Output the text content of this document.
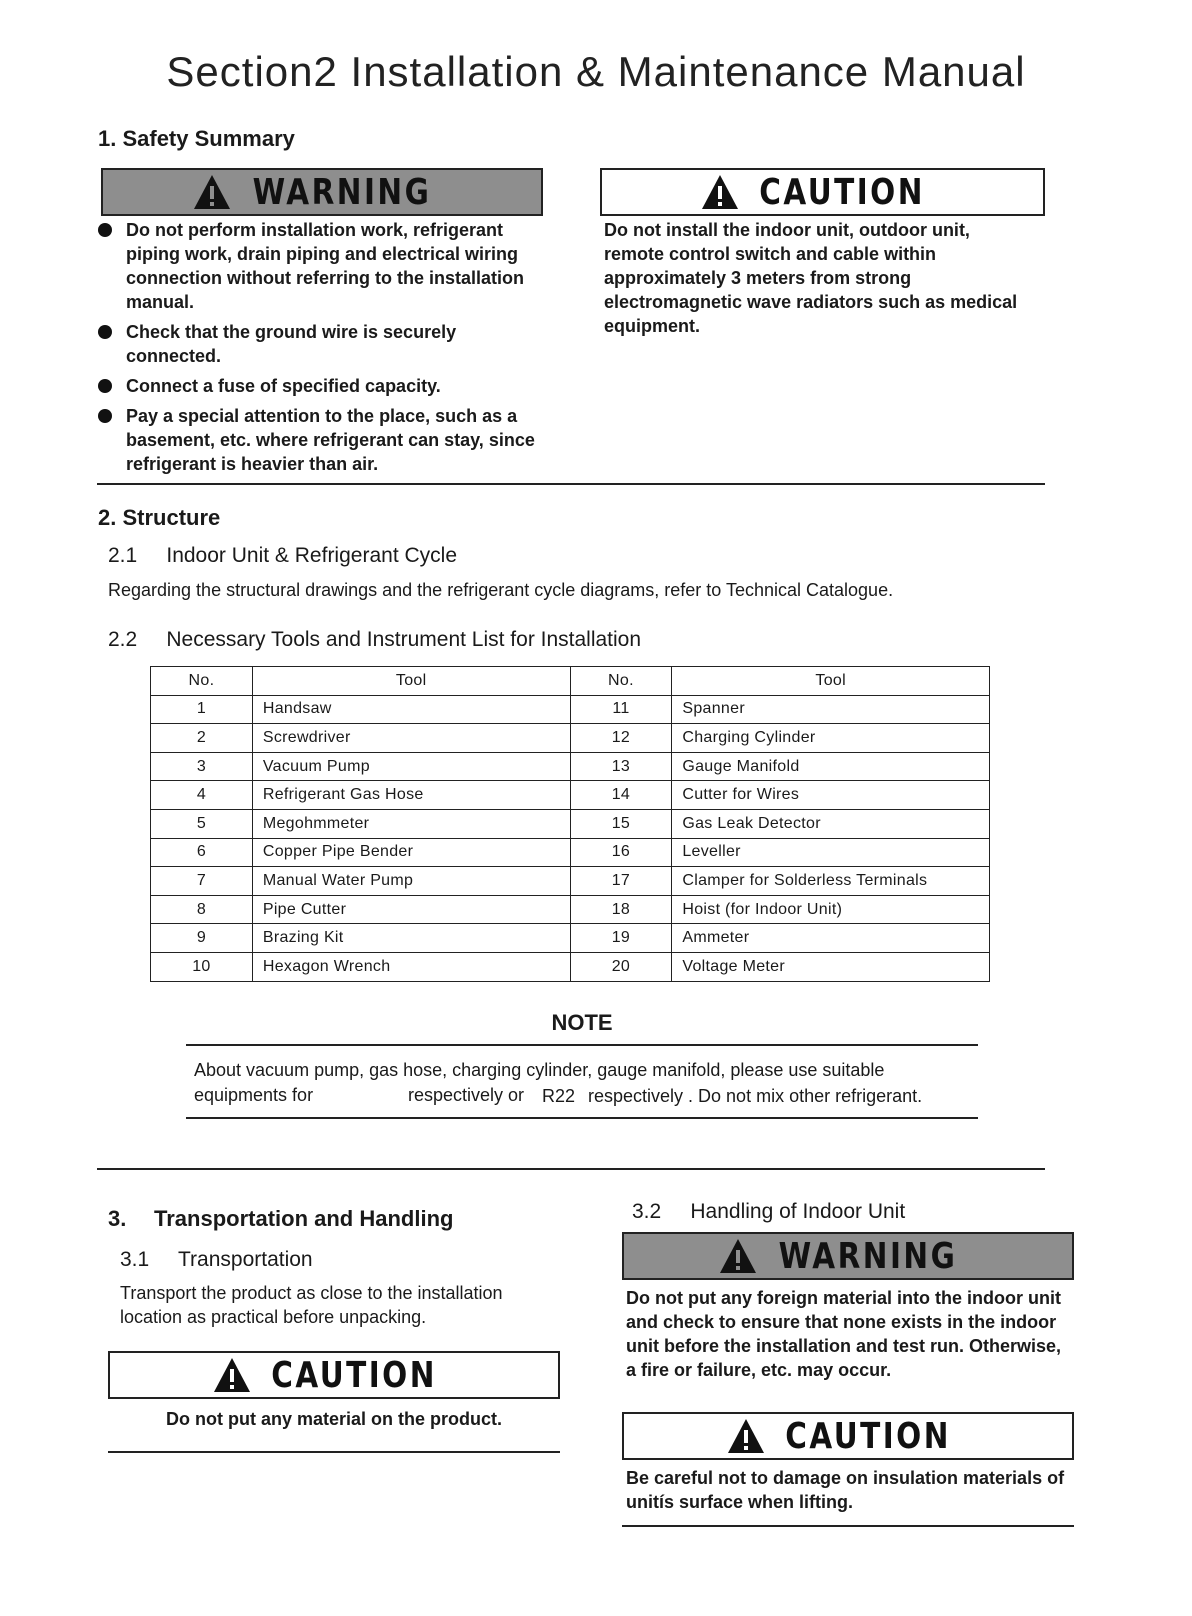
Section2 Installation & Maintenance Manual
1. Safety Summary
WARNING	CAUTION
Do not perform installation work, refrigerant piping work, drain piping and electrical wiring connection without referring to the installation manual.
Check that the ground wire is securely connected.
Connect a fuse of specified capacity.
Pay a special attention to the place, such as a basement, etc. where refrigerant can stay, since refrigerant is heavier than air.
Do not install the indoor unit, outdoor unit, remote control switch and cable within approximately 3 meters from strong electromagnetic wave radiators such as medical equipment.
2. Structure
2.1     Indoor Unit & Refrigerant Cycle
Regarding the structural drawings and the refrigerant cycle diagrams, refer to Technical Catalogue.
2.2     Necessary Tools and Instrument List for Installation
No.	Tool	No.	Tool
1	Handsaw	11	Spanner
2	Screwdriver	12	Charging Cylinder
3	Vacuum Pump	13	Gauge Manifold
4	Refrigerant Gas Hose	14	Cutter for Wires
5	Megohmmeter	15	Gas Leak Detector
6	Copper Pipe Bender	16	Leveller
7	Manual Water Pump	17	Clamper for Solderless Terminals
8	Pipe Cutter	18	Hoist (for Indoor Unit)
9	Brazing Kit	19	Ammeter
10	Hexagon Wrench	20	Voltage Meter
NOTE
About vacuum pump, gas hose, charging cylinder, gauge manifold, please use suitable
equipments for	respectively or R22 respectively . Do not mix other refrigerant.
3. Transportation and Handling
3.1     Transportation
Transport the product as close to the installation location as practical before unpacking.
CAUTION
Do not put any material on the product.
3.2     Handling of Indoor Unit
WARNING
Do not put any foreign material into the indoor unit and check to ensure that none exists in the indoor unit before the installation and test run. Otherwise, a fire or failure, etc. may occur.
CAUTION
Be careful not to damage on insulation materials of unitís surface when lifting.
